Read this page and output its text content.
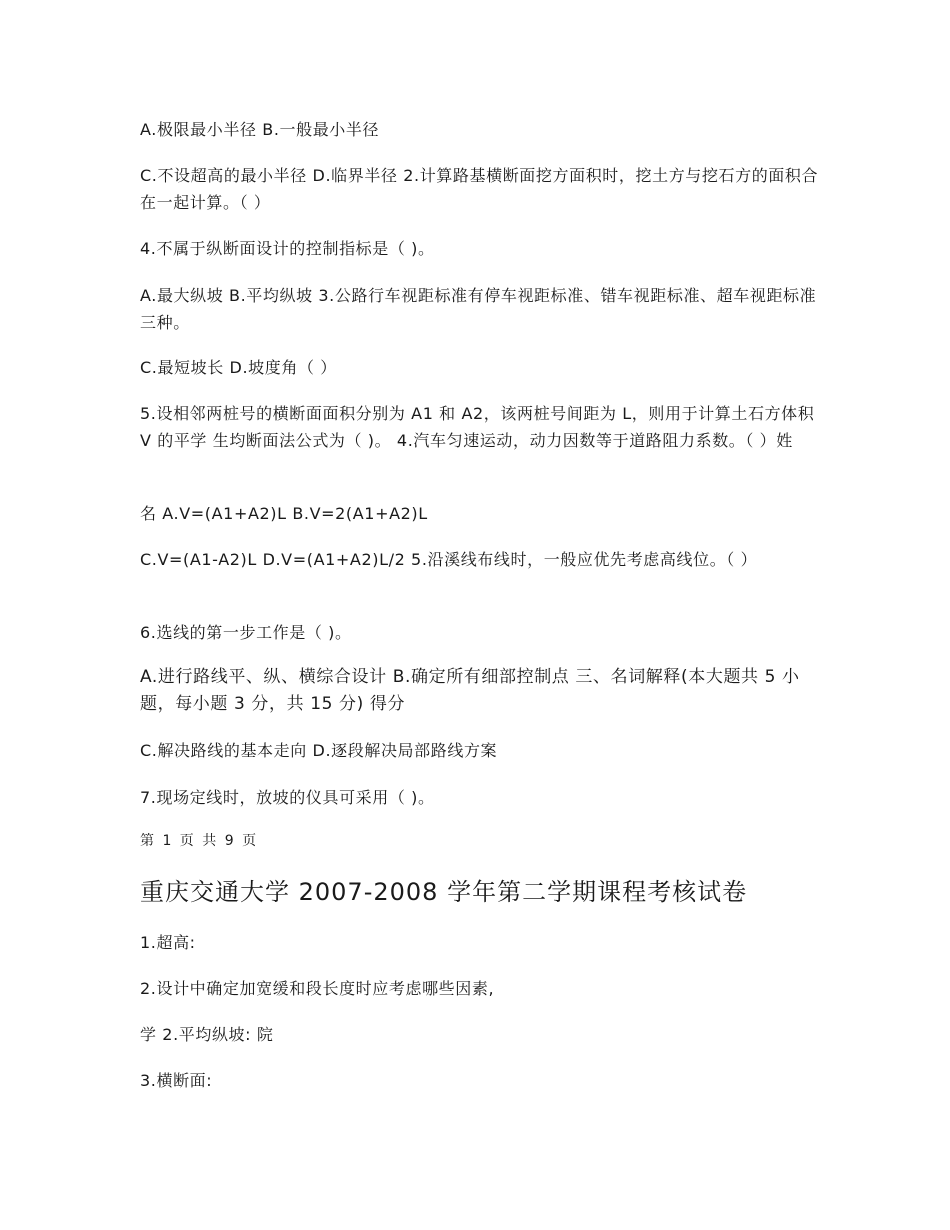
A.极限最小半径 B.一般最小半径

C.不设超高的最小半径 D.临界半径 2.计算路基横断面挖方面积时，挖土方与挖石方的面积合在一起计算。（ ）

4.不属于纵断面设计的控制指标是（ )。

A.最大纵坡 B.平均纵坡 3.公路行车视距标准有停车视距标准、错车视距标准、超车视距标准三种。

C.最短坡长 D.坡度角（ ）

5.设相邻两桩号的横断面面积分别为 A1 和 A2，该两桩号间距为 L，则用于计算土石方体积 V 的平学 生均断面法公式为（ )。 4.汽车匀速运动，动力因数等于道路阻力系数。（ ）姓

名 A.V=(A1+A2)L B.V=2(A1+A2)L

C.V=(A1-A2)L D.V=(A1+A2)L/2 5.沿溪线布线时，一般应优先考虑高线位。（ ）

6.选线的第一步工作是（ )。

A.进行路线平、纵、横综合设计 B.确定所有细部控制点 三、名词解释(本大题共 5 小题，每小题 3 分，共 15 分) 得分

C.解决路线的基本走向 D.逐段解决局部路线方案

7.现场定线时，放坡的仪具可采用（ )。

第 1 页 共 9 页
重庆交通大学 2007-2008 学年第二学期课程考核试卷

1.超高:

2.设计中确定加宽缓和段长度时应考虑哪些因素,

学 2.平均纵坡: 院

3.横断面:
